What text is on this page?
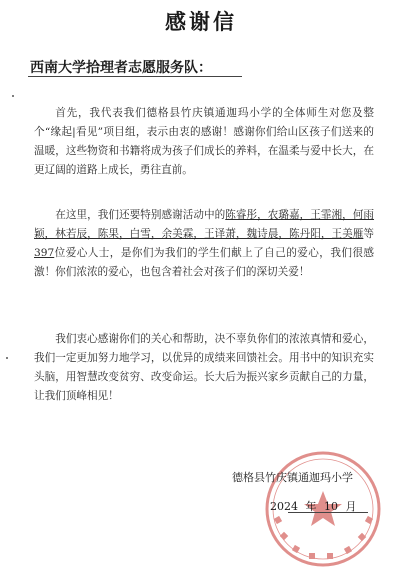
感谢信
西南大学拾理者志愿服务队：

首先，我代表我们德格县竹庆镇通迦玛小学的全体师生对您及整个“缘起|看见”项目组，表示由衷的感谢！感谢你们给山区孩子们送来的温暖，这些物资和书籍将成为孩子们成长的养料，在温柔与爱中长大，在更辽阔的道路上成长，勇往直前。

在这里，我们还要特别感谢活动中的陈睿彤，农璐嘉，王霏湘，何雨颖，林若辰，陈果，白雪，余美霖，王译萧，魏诗晨，陈丹阳，王美雁等397位爱心人士，是你们为我们的学生们献上了自己的爱心，我们很感激！你们浓浓的爱心，也包含着社会对孩子们的深切关爱！

我们衷心感谢你们的关心和帮助，决不辜负你们的浓浓真情和爱心，我们一定更加努力地学习，以优异的成绩来回馈社会。用书中的知识充实头脑，用智慧改变贫穷、改变命运。长大后为振兴家乡贡献自己的力量，让我们顶峰相见！

德格县竹庆镇通迦玛小学
2024 年 10 月
